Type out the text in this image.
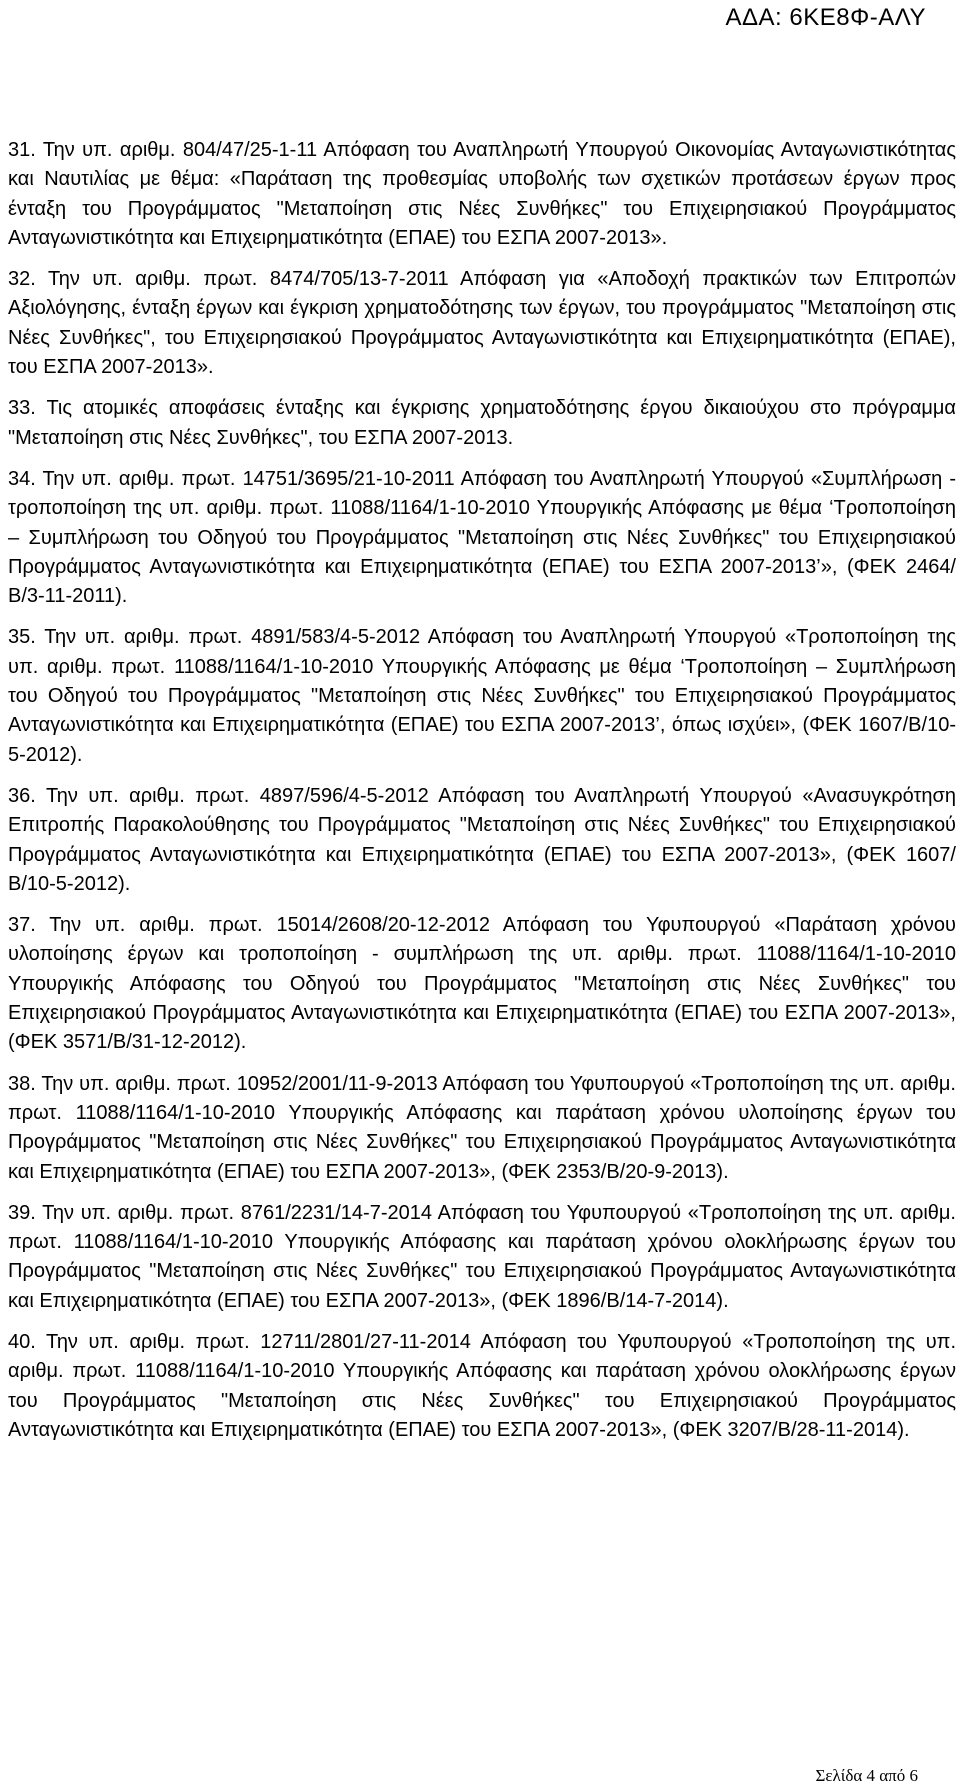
ΑΔΑ: 6ΚΕ8Φ-ΑΛΥ

31. Την υπ. αριθμ. 804/47/25-1-11 Απόφαση του Αναπληρωτή Υπουργού Οικονομίας Ανταγωνιστικότητας και Ναυτιλίας με θέμα: «Παράταση της προθεσμίας υποβολής των σχετικών προτάσεων έργων προς ένταξη του Προγράμματος "Μεταποίηση στις Νέες Συνθήκες" του Επιχειρησιακού Προγράμματος Ανταγωνιστικότητα και Επιχειρηματικότητα (ΕΠΑΕ) του ΕΣΠΑ 2007-2013».

32. Την υπ. αριθμ. πρωτ. 8474/705/13-7-2011 Απόφαση για «Αποδοχή πρακτικών των Επιτροπών Αξιολόγησης, ένταξη έργων και έγκριση χρηματοδότησης των έργων, του προγράμματος "Μεταποίηση στις Νέες Συνθήκες", του Επιχειρησιακού Προγράμματος Ανταγωνιστικότητα και Επιχειρηματικότητα (ΕΠΑΕ), του ΕΣΠΑ 2007-2013».

33. Τις ατομικές αποφάσεις ένταξης και έγκρισης χρηματοδότησης έργου δικαιούχου στο πρόγραμμα "Μεταποίηση στις Νέες Συνθήκες", του ΕΣΠΑ 2007-2013.

34. Την υπ. αριθμ. πρωτ. 14751/3695/21-10-2011 Απόφαση του Αναπληρωτή Υπουργού «Συμπλήρωση - τροποποίηση της υπ. αριθμ. πρωτ. 11088/1164/1-10-2010 Υπουργικής Απόφασης με θέμα ‘Τροποποίηση – Συμπλήρωση του Οδηγού του Προγράμματος "Μεταποίηση στις Νέες Συνθήκες" του Επιχειρησιακού Προγράμματος Ανταγωνιστικότητα και Επιχειρηματικότητα (ΕΠΑΕ) του ΕΣΠΑ 2007-2013’», (ΦΕΚ 2464/Β/3-11-2011).

35. Την υπ. αριθμ. πρωτ. 4891/583/4-5-2012 Απόφαση του Αναπληρωτή Υπουργού «Τροποποίηση της υπ. αριθμ. πρωτ. 11088/1164/1-10-2010 Υπουργικής Απόφασης με θέμα ‘Τροποποίηση – Συμπλήρωση του Οδηγού του Προγράμματος "Μεταποίηση στις Νέες Συνθήκες" του Επιχειρησιακού Προγράμματος Ανταγωνιστικότητα και Επιχειρηματικότητα (ΕΠΑΕ) του ΕΣΠΑ 2007-2013’, όπως ισχύει», (ΦΕΚ 1607/Β/10-5-2012).

36. Την υπ. αριθμ. πρωτ. 4897/596/4-5-2012 Απόφαση του Αναπληρωτή Υπουργού «Ανασυγκρότηση Επιτροπής Παρακολούθησης του Προγράμματος "Μεταποίηση στις Νέες Συνθήκες" του Επιχειρησιακού Προγράμματος Ανταγωνιστικότητα και Επιχειρηματικότητα (ΕΠΑΕ) του ΕΣΠΑ 2007-2013», (ΦΕΚ 1607/Β/10-5-2012).

37. Την υπ. αριθμ. πρωτ. 15014/2608/20-12-2012 Απόφαση του Υφυπουργού «Παράταση χρόνου υλοποίησης έργων και τροποποίηση - συμπλήρωση της υπ. αριθμ. πρωτ. 11088/1164/1-10-2010 Υπουργικής Απόφασης του Οδηγού του Προγράμματος "Μεταποίηση στις Νέες Συνθήκες" του Επιχειρησιακού Προγράμματος Ανταγωνιστικότητα και Επιχειρηματικότητα (ΕΠΑΕ) του ΕΣΠΑ 2007-2013», (ΦΕΚ 3571/Β/31-12-2012).

38. Την υπ. αριθμ. πρωτ. 10952/2001/11-9-2013 Απόφαση του Υφυπουργού «Τροποποίηση της υπ. αριθμ. πρωτ. 11088/1164/1-10-2010 Υπουργικής Απόφασης και παράταση χρόνου υλοποίησης έργων του Προγράμματος "Μεταποίηση στις Νέες Συνθήκες" του Επιχειρησιακού Προγράμματος Ανταγωνιστικότητα και Επιχειρηματικότητα (ΕΠΑΕ) του ΕΣΠΑ 2007-2013», (ΦΕΚ 2353/Β/20-9-2013).

39. Την υπ. αριθμ. πρωτ. 8761/2231/14-7-2014 Απόφαση του Υφυπουργού «Τροποποίηση της υπ. αριθμ. πρωτ. 11088/1164/1-10-2010 Υπουργικής Απόφασης και παράταση χρόνου ολοκλήρωσης έργων του Προγράμματος "Μεταποίηση στις Νέες Συνθήκες" του Επιχειρησιακού Προγράμματος Ανταγωνιστικότητα και Επιχειρηματικότητα (ΕΠΑΕ) του ΕΣΠΑ 2007-2013», (ΦΕΚ 1896/Β/14-7-2014).

40. Την υπ. αριθμ. πρωτ. 12711/2801/27-11-2014 Απόφαση του Υφυπουργού «Τροποποίηση της υπ. αριθμ. πρωτ. 11088/1164/1-10-2010 Υπουργικής Απόφασης και παράταση χρόνου ολοκλήρωσης έργων του Προγράμματος "Μεταποίηση στις Νέες Συνθήκες" του Επιχειρησιακού Προγράμματος Ανταγωνιστικότητα και Επιχειρηματικότητα (ΕΠΑΕ) του ΕΣΠΑ 2007-2013», (ΦΕΚ 3207/Β/28-11-2014).

Σελίδα 4 από 6
